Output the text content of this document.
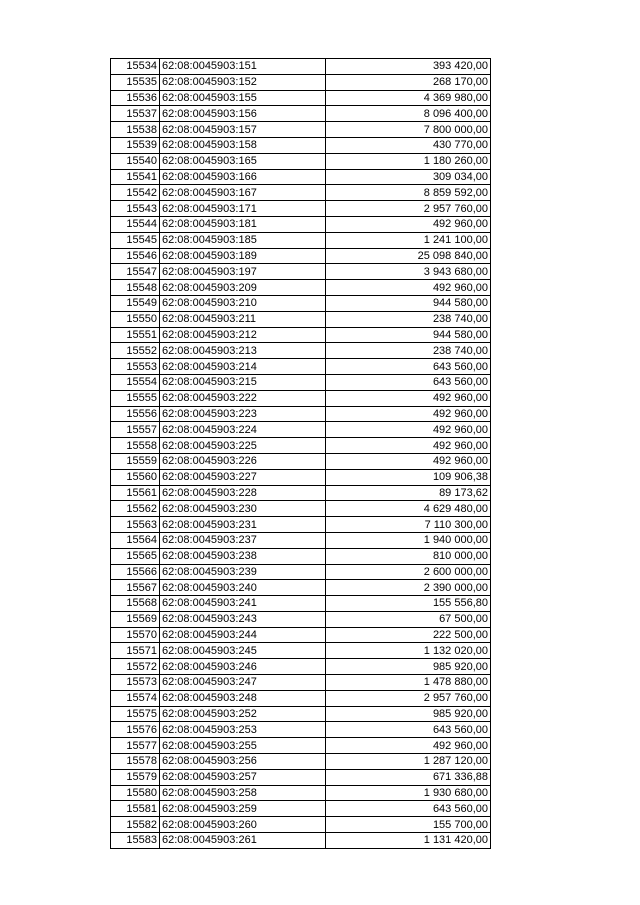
15534	62:08:0045903:151	393 420,00
15535	62:08:0045903:152	268 170,00
15536	62:08:0045903:155	4 369 980,00
15537	62:08:0045903:156	8 096 400,00
15538	62:08:0045903:157	7 800 000,00
15539	62:08:0045903:158	430 770,00
15540	62:08:0045903:165	1 180 260,00
15541	62:08:0045903:166	309 034,00
15542	62:08:0045903:167	8 859 592,00
15543	62:08:0045903:171	2 957 760,00
15544	62:08:0045903:181	492 960,00
15545	62:08:0045903:185	1 241 100,00
15546	62:08:0045903:189	25 098 840,00
15547	62:08:0045903:197	3 943 680,00
15548	62:08:0045903:209	492 960,00
15549	62:08:0045903:210	944 580,00
15550	62:08:0045903:211	238 740,00
15551	62:08:0045903:212	944 580,00
15552	62:08:0045903:213	238 740,00
15553	62:08:0045903:214	643 560,00
15554	62:08:0045903:215	643 560,00
15555	62:08:0045903:222	492 960,00
15556	62:08:0045903:223	492 960,00
15557	62:08:0045903:224	492 960,00
15558	62:08:0045903:225	492 960,00
15559	62:08:0045903:226	492 960,00
15560	62:08:0045903:227	109 906,38
15561	62:08:0045903:228	89 173,62
15562	62:08:0045903:230	4 629 480,00
15563	62:08:0045903:231	7 110 300,00
15564	62:08:0045903:237	1 940 000,00
15565	62:08:0045903:238	810 000,00
15566	62:08:0045903:239	2 600 000,00
15567	62:08:0045903:240	2 390 000,00
15568	62:08:0045903:241	155 556,80
15569	62:08:0045903:243	67 500,00
15570	62:08:0045903:244	222 500,00
15571	62:08:0045903:245	1 132 020,00
15572	62:08:0045903:246	985 920,00
15573	62:08:0045903:247	1 478 880,00
15574	62:08:0045903:248	2 957 760,00
15575	62:08:0045903:252	985 920,00
15576	62:08:0045903:253	643 560,00
15577	62:08:0045903:255	492 960,00
15578	62:08:0045903:256	1 287 120,00
15579	62:08:0045903:257	671 336,88
15580	62:08:0045903:258	1 930 680,00
15581	62:08:0045903:259	643 560,00
15582	62:08:0045903:260	155 700,00
15583	62:08:0045903:261	1 131 420,00
